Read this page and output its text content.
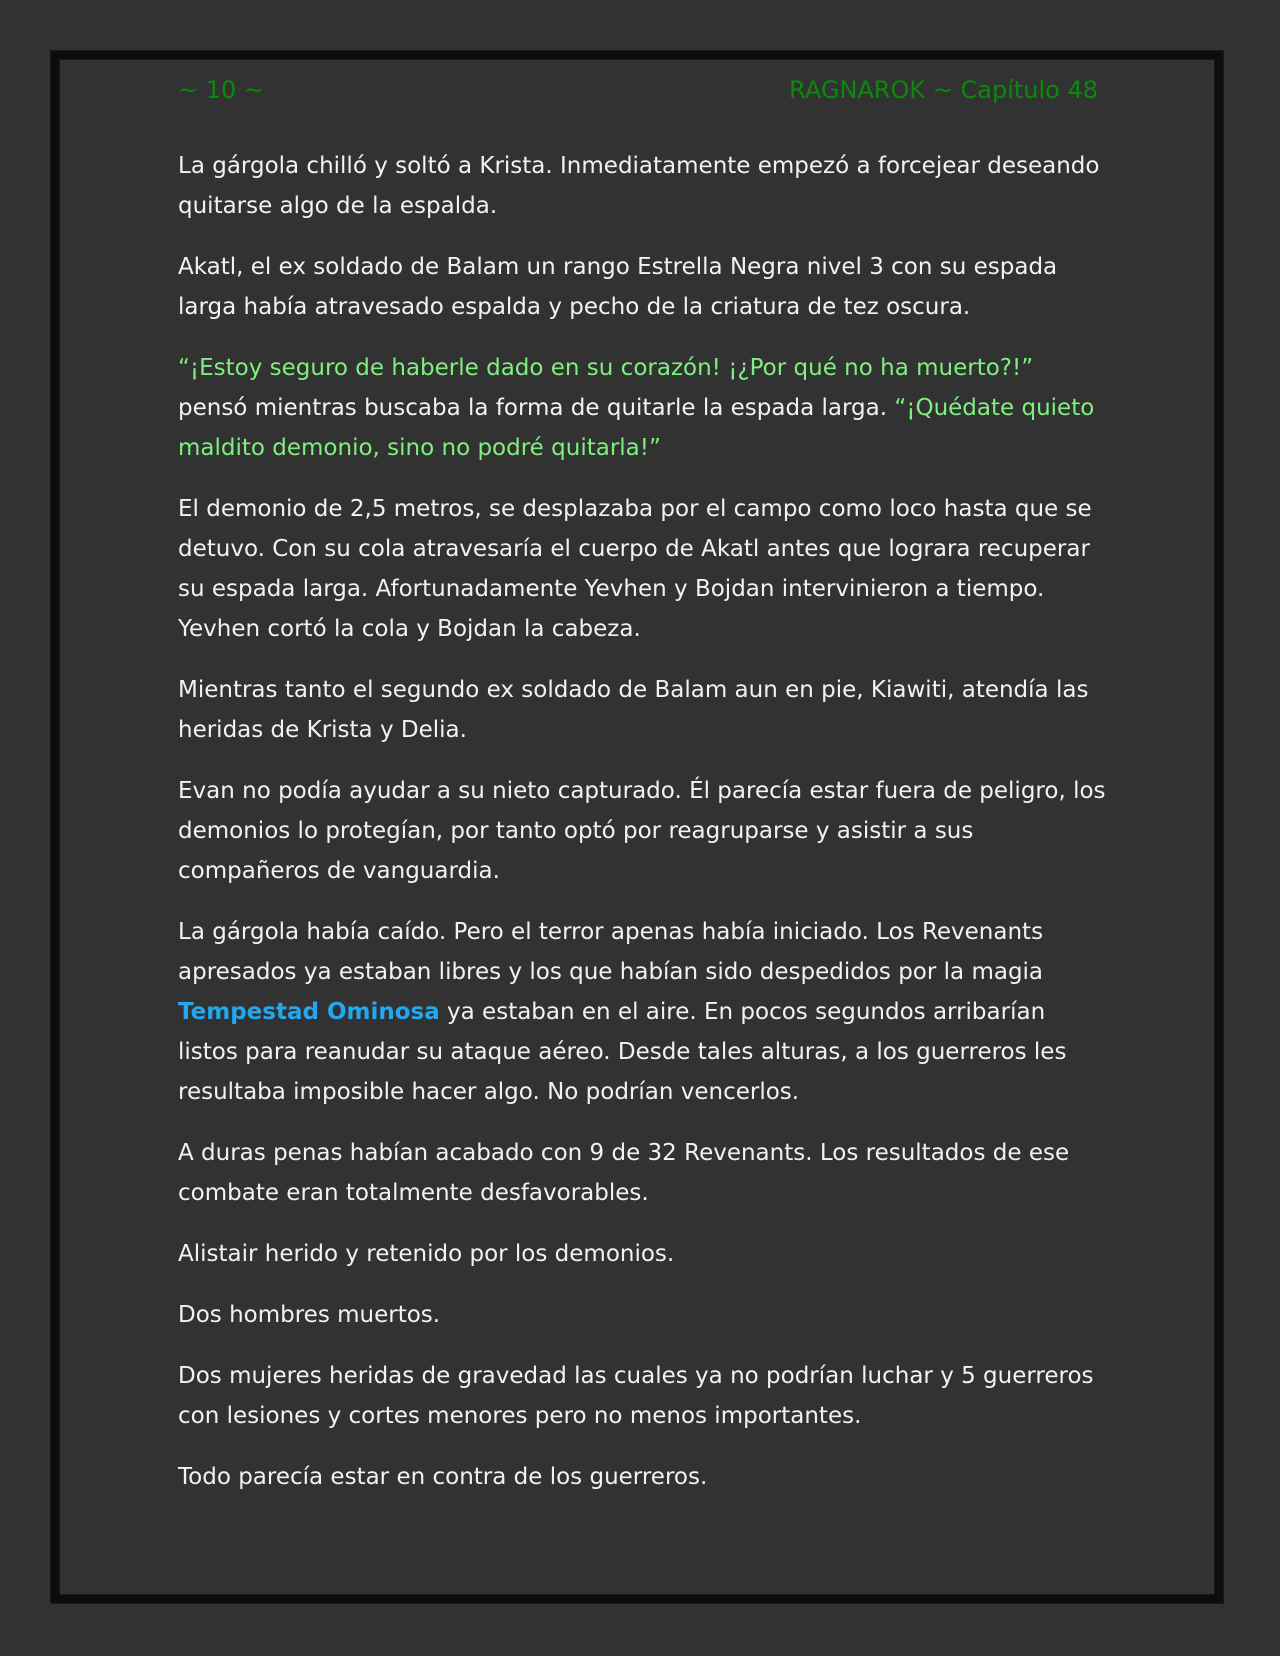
~ 10 ~	RAGNAROK ~ Capítulo 48

La gárgola chilló y soltó a Krista. Inmediatamente empezó a forcejear deseando quitarse algo de la espalda.

Akatl, el ex soldado de Balam un rango Estrella Negra nivel 3 con su espada larga había atravesado espalda y pecho de la criatura de tez oscura.

“¡Estoy seguro de haberle dado en su corazón! ¡¿Por qué no ha muerto?!” pensó mientras buscaba la forma de quitarle la espada larga. “¡Quédate quieto maldito demonio, sino no podré quitarla!”

El demonio de 2,5 metros, se desplazaba por el campo como loco hasta que se detuvo. Con su cola atravesaría el cuerpo de Akatl antes que lograra recuperar su espada larga. Afortunadamente Yevhen y Bojdan intervinieron a tiempo. Yevhen cortó la cola y Bojdan la cabeza.

Mientras tanto el segundo ex soldado de Balam aun en pie, Kiawiti, atendía las heridas de Krista y Delia.

Evan no podía ayudar a su nieto capturado. Él parecía estar fuera de peligro, los demonios lo protegían, por tanto optó por reagruparse y asistir a sus compañeros de vanguardia.

La gárgola había caído. Pero el terror apenas había iniciado. Los Revenants apresados ya estaban libres y los que habían sido despedidos por la magia Tempestad Ominosa ya estaban en el aire. En pocos segundos arribarían listos para reanudar su ataque aéreo. Desde tales alturas, a los guerreros les resultaba imposible hacer algo. No podrían vencerlos.

A duras penas habían acabado con 9 de 32 Revenants. Los resultados de ese combate eran totalmente desfavorables.

Alistair herido y retenido por los demonios.

Dos hombres muertos.

Dos mujeres heridas de gravedad las cuales ya no podrían luchar y 5 guerreros con lesiones y cortes menores pero no menos importantes.

Todo parecía estar en contra de los guerreros.
